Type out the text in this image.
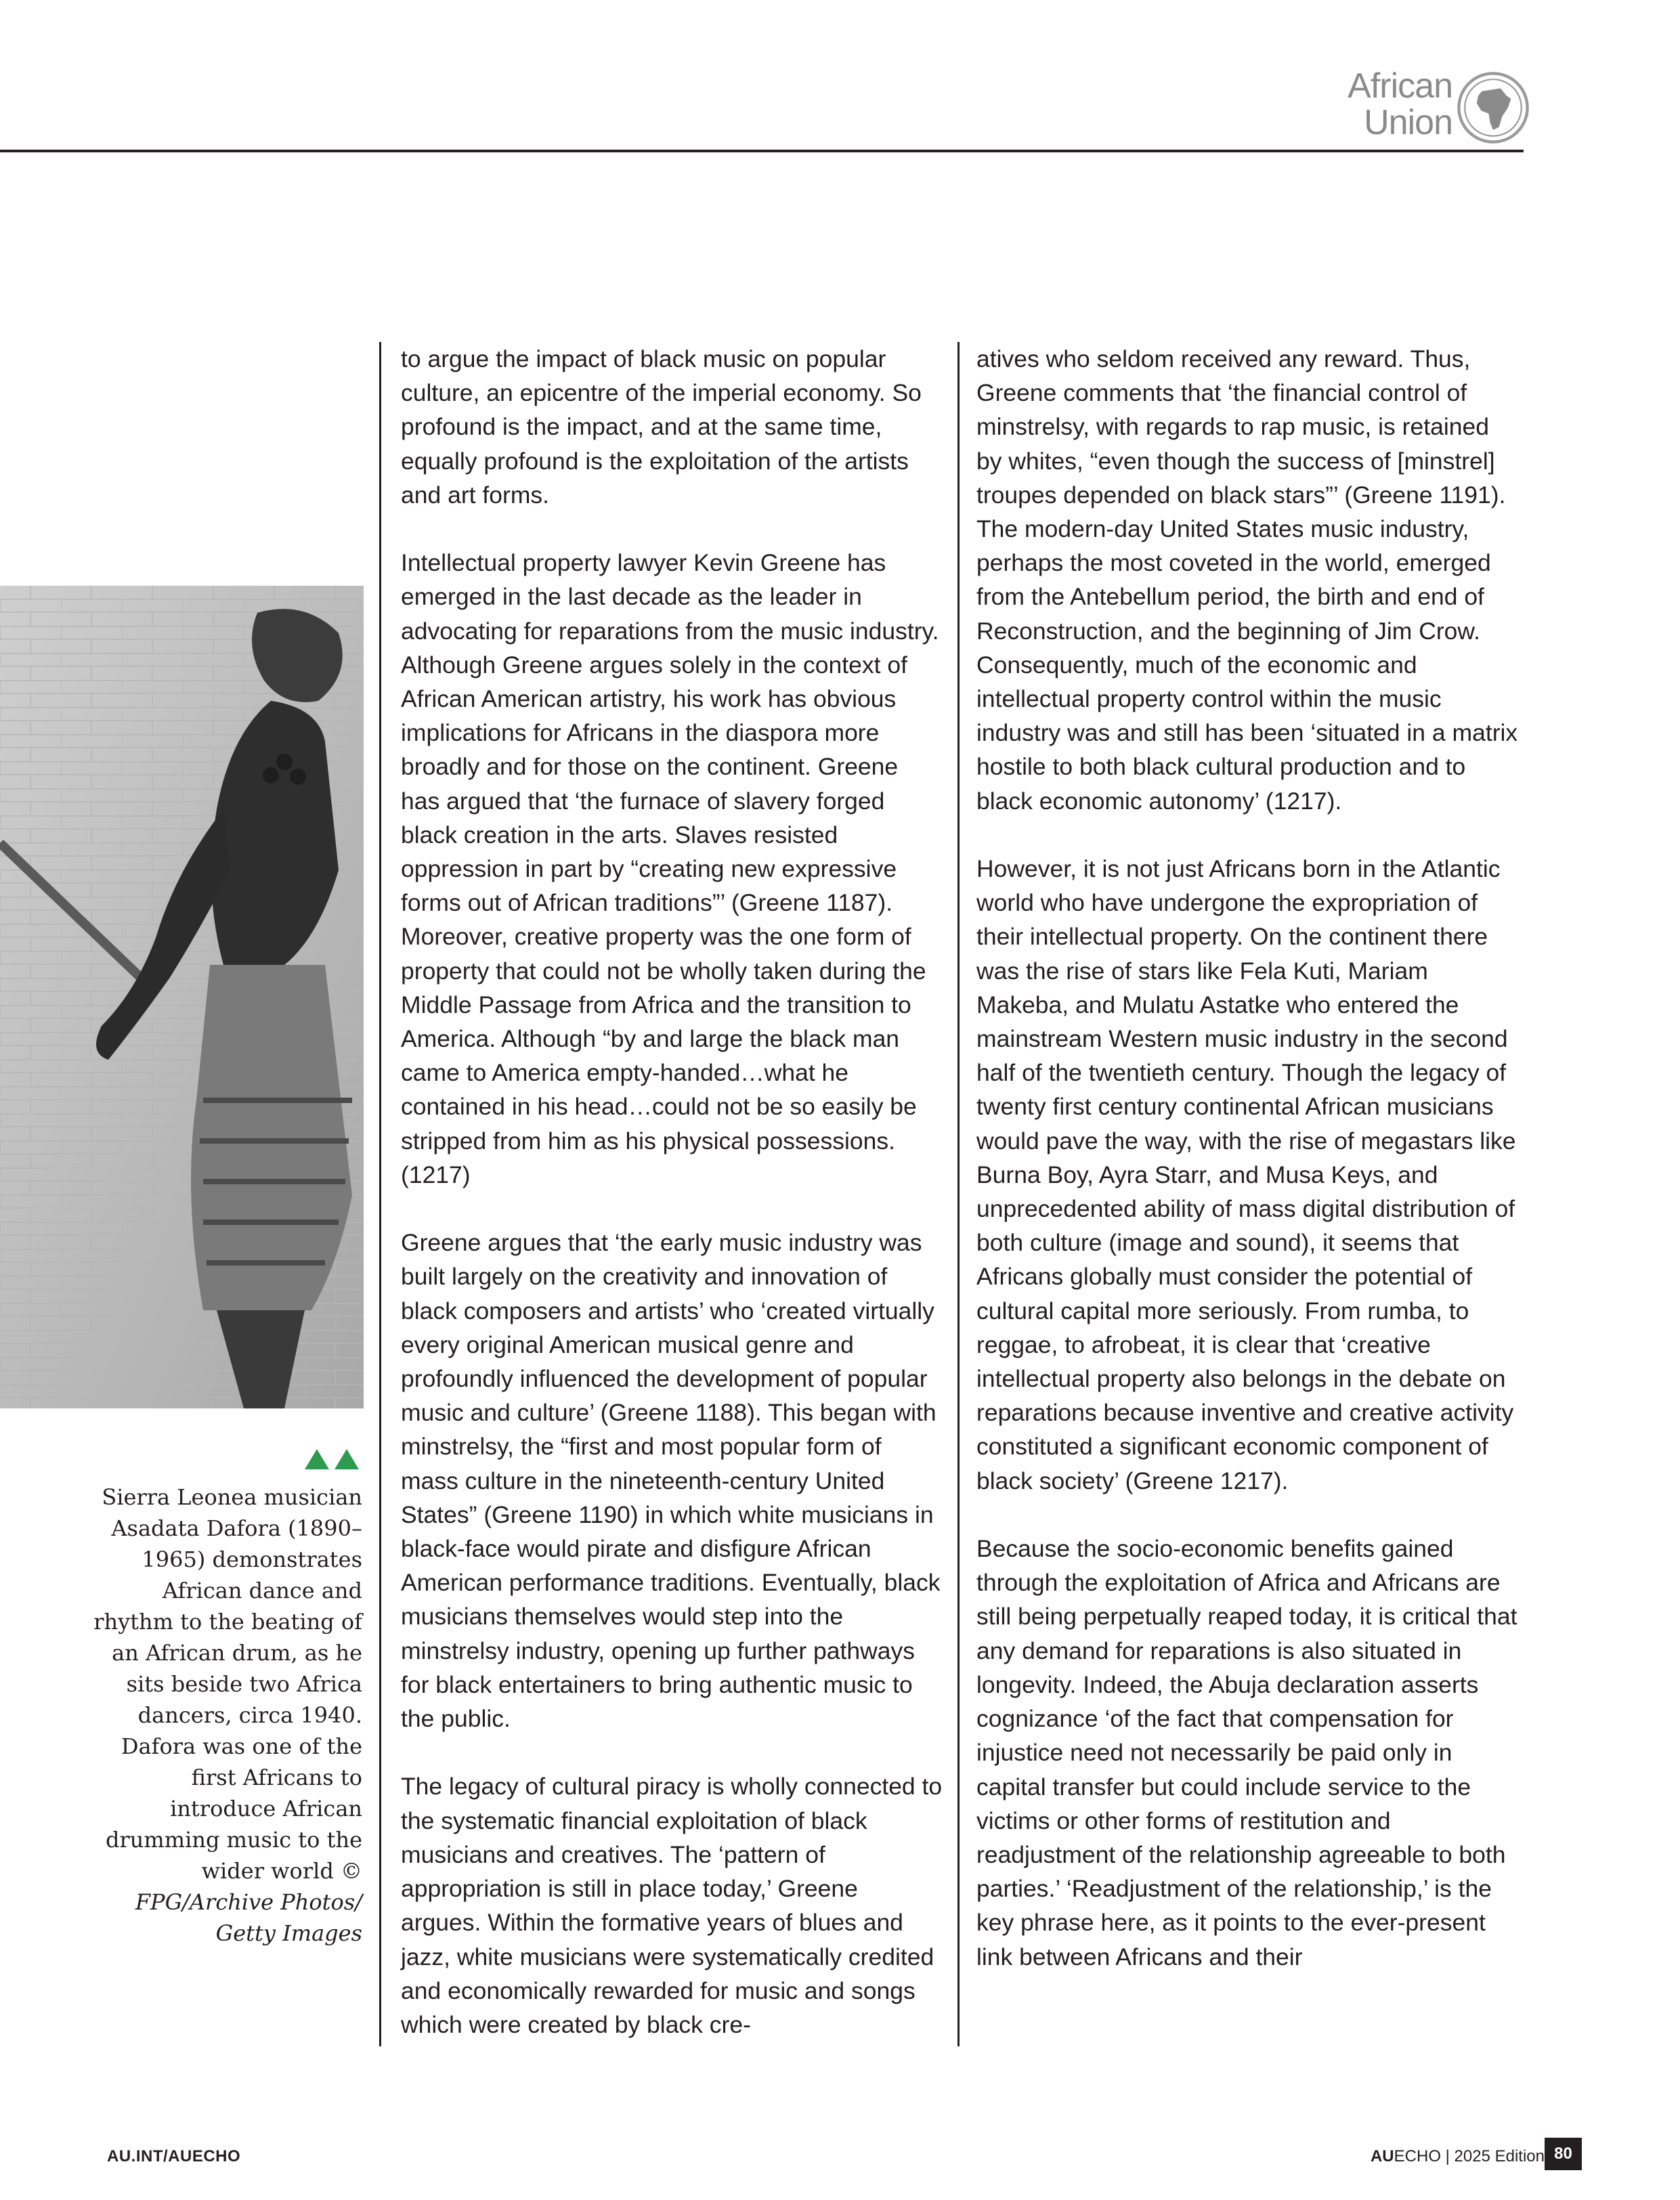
African
Union
Sierra Leonea musician Asadata Dafora (1890–1965) demonstrates African dance and rhythm to the beating of an African drum, as he sits beside two Africa dancers, circa 1940. Dafora was one of the first Africans to introduce African drumming music to the wider world © FPG/Archive Photos/ Getty Images

to argue the impact of black music on popular culture, an epicentre of the imperial economy. So profound is the impact, and at the same time, equally profound is the exploitation of the artists and art forms.

Intellectual property lawyer Kevin Greene has emerged in the last decade as the leader in advocating for reparations from the music industry. Although Greene argues solely in the context of African American artistry, his work has obvious implications for Africans in the diaspora more broadly and for those on the continent. Greene has argued that ‘the furnace of slavery forged black creation in the arts. Slaves resisted oppression in part by “creating new expressive forms out of African traditions”’ (Greene 1187). Moreover, creative property was the one form of property that could not be wholly taken during the Middle Passage from Africa and the transition to America. Although “by and large the black man came to America empty-handed…what he contained in his head…could not be so easily be stripped from him as his physical possessions. (1217)

Greene argues that ‘the early music industry was built largely on the creativity and innovation of black composers and artists’ who ‘created virtually every original American musical genre and profoundly influenced the development of popular music and culture’ (Greene 1188). This began with minstrelsy, the “first and most popular form of mass culture in the nineteenth-century United States” (Greene 1190) in which white musicians in black-face would pirate and disfigure African American performance traditions. Eventually, black musicians themselves would step into the minstrelsy industry, opening up further pathways for black entertainers to bring authentic music to the public.

The legacy of cultural piracy is wholly connected to the systematic financial exploitation of black musicians and creatives. The ‘pattern of appropriation is still in place today,’ Greene argues. Within the formative years of blues and jazz, white musicians were systematically credited and economically rewarded for music and songs which were created by black cre-

atives who seldom received any reward. Thus, Greene comments that ‘the financial control of minstrelsy, with regards to rap music, is retained by whites, “even though the success of [minstrel] troupes depended on black stars”’ (Greene 1191). The modern-day United States music industry, perhaps the most coveted in the world, emerged from the Antebellum period, the birth and end of Reconstruction, and the beginning of Jim Crow. Consequently, much of the economic and intellectual property control within the music industry was and still has been ‘situated in a matrix hostile to both black cultural production and to black economic autonomy’ (1217).

However, it is not just Africans born in the Atlantic world who have undergone the expropriation of their intellectual property. On the continent there was the rise of stars like Fela Kuti, Mariam Makeba, and Mulatu Astatke who entered the mainstream Western music industry in the second half of the twentieth century. Though the legacy of twenty first century continental African musicians would pave the way, with the rise of megastars like Burna Boy, Ayra Starr, and Musa Keys, and unprecedented ability of mass digital distribution of both culture (image and sound), it seems that Africans globally must consider the potential of cultural capital more seriously. From rumba, to reggae, to afrobeat, it is clear that ‘creative intellectual property also belongs in the debate on reparations because inventive and creative activity constituted a significant economic component of black society’ (Greene 1217).

Because the socio-economic benefits gained through the exploitation of Africa and Africans are still being perpetually reaped today, it is critical that any demand for reparations is also situated in longevity. Indeed, the Abuja declaration asserts cognizance ‘of the fact that compensation for injustice need not necessarily be paid only in capital transfer but could include service to the victims or other forms of restitution and readjustment of the relationship agreeable to both parties.’ ‘Readjustment of the relationship,’ is the key phrase here, as it points to the ever-present link between Africans and their

AU.INT/AUECHO	AUECHO | 2025 Edition 80
